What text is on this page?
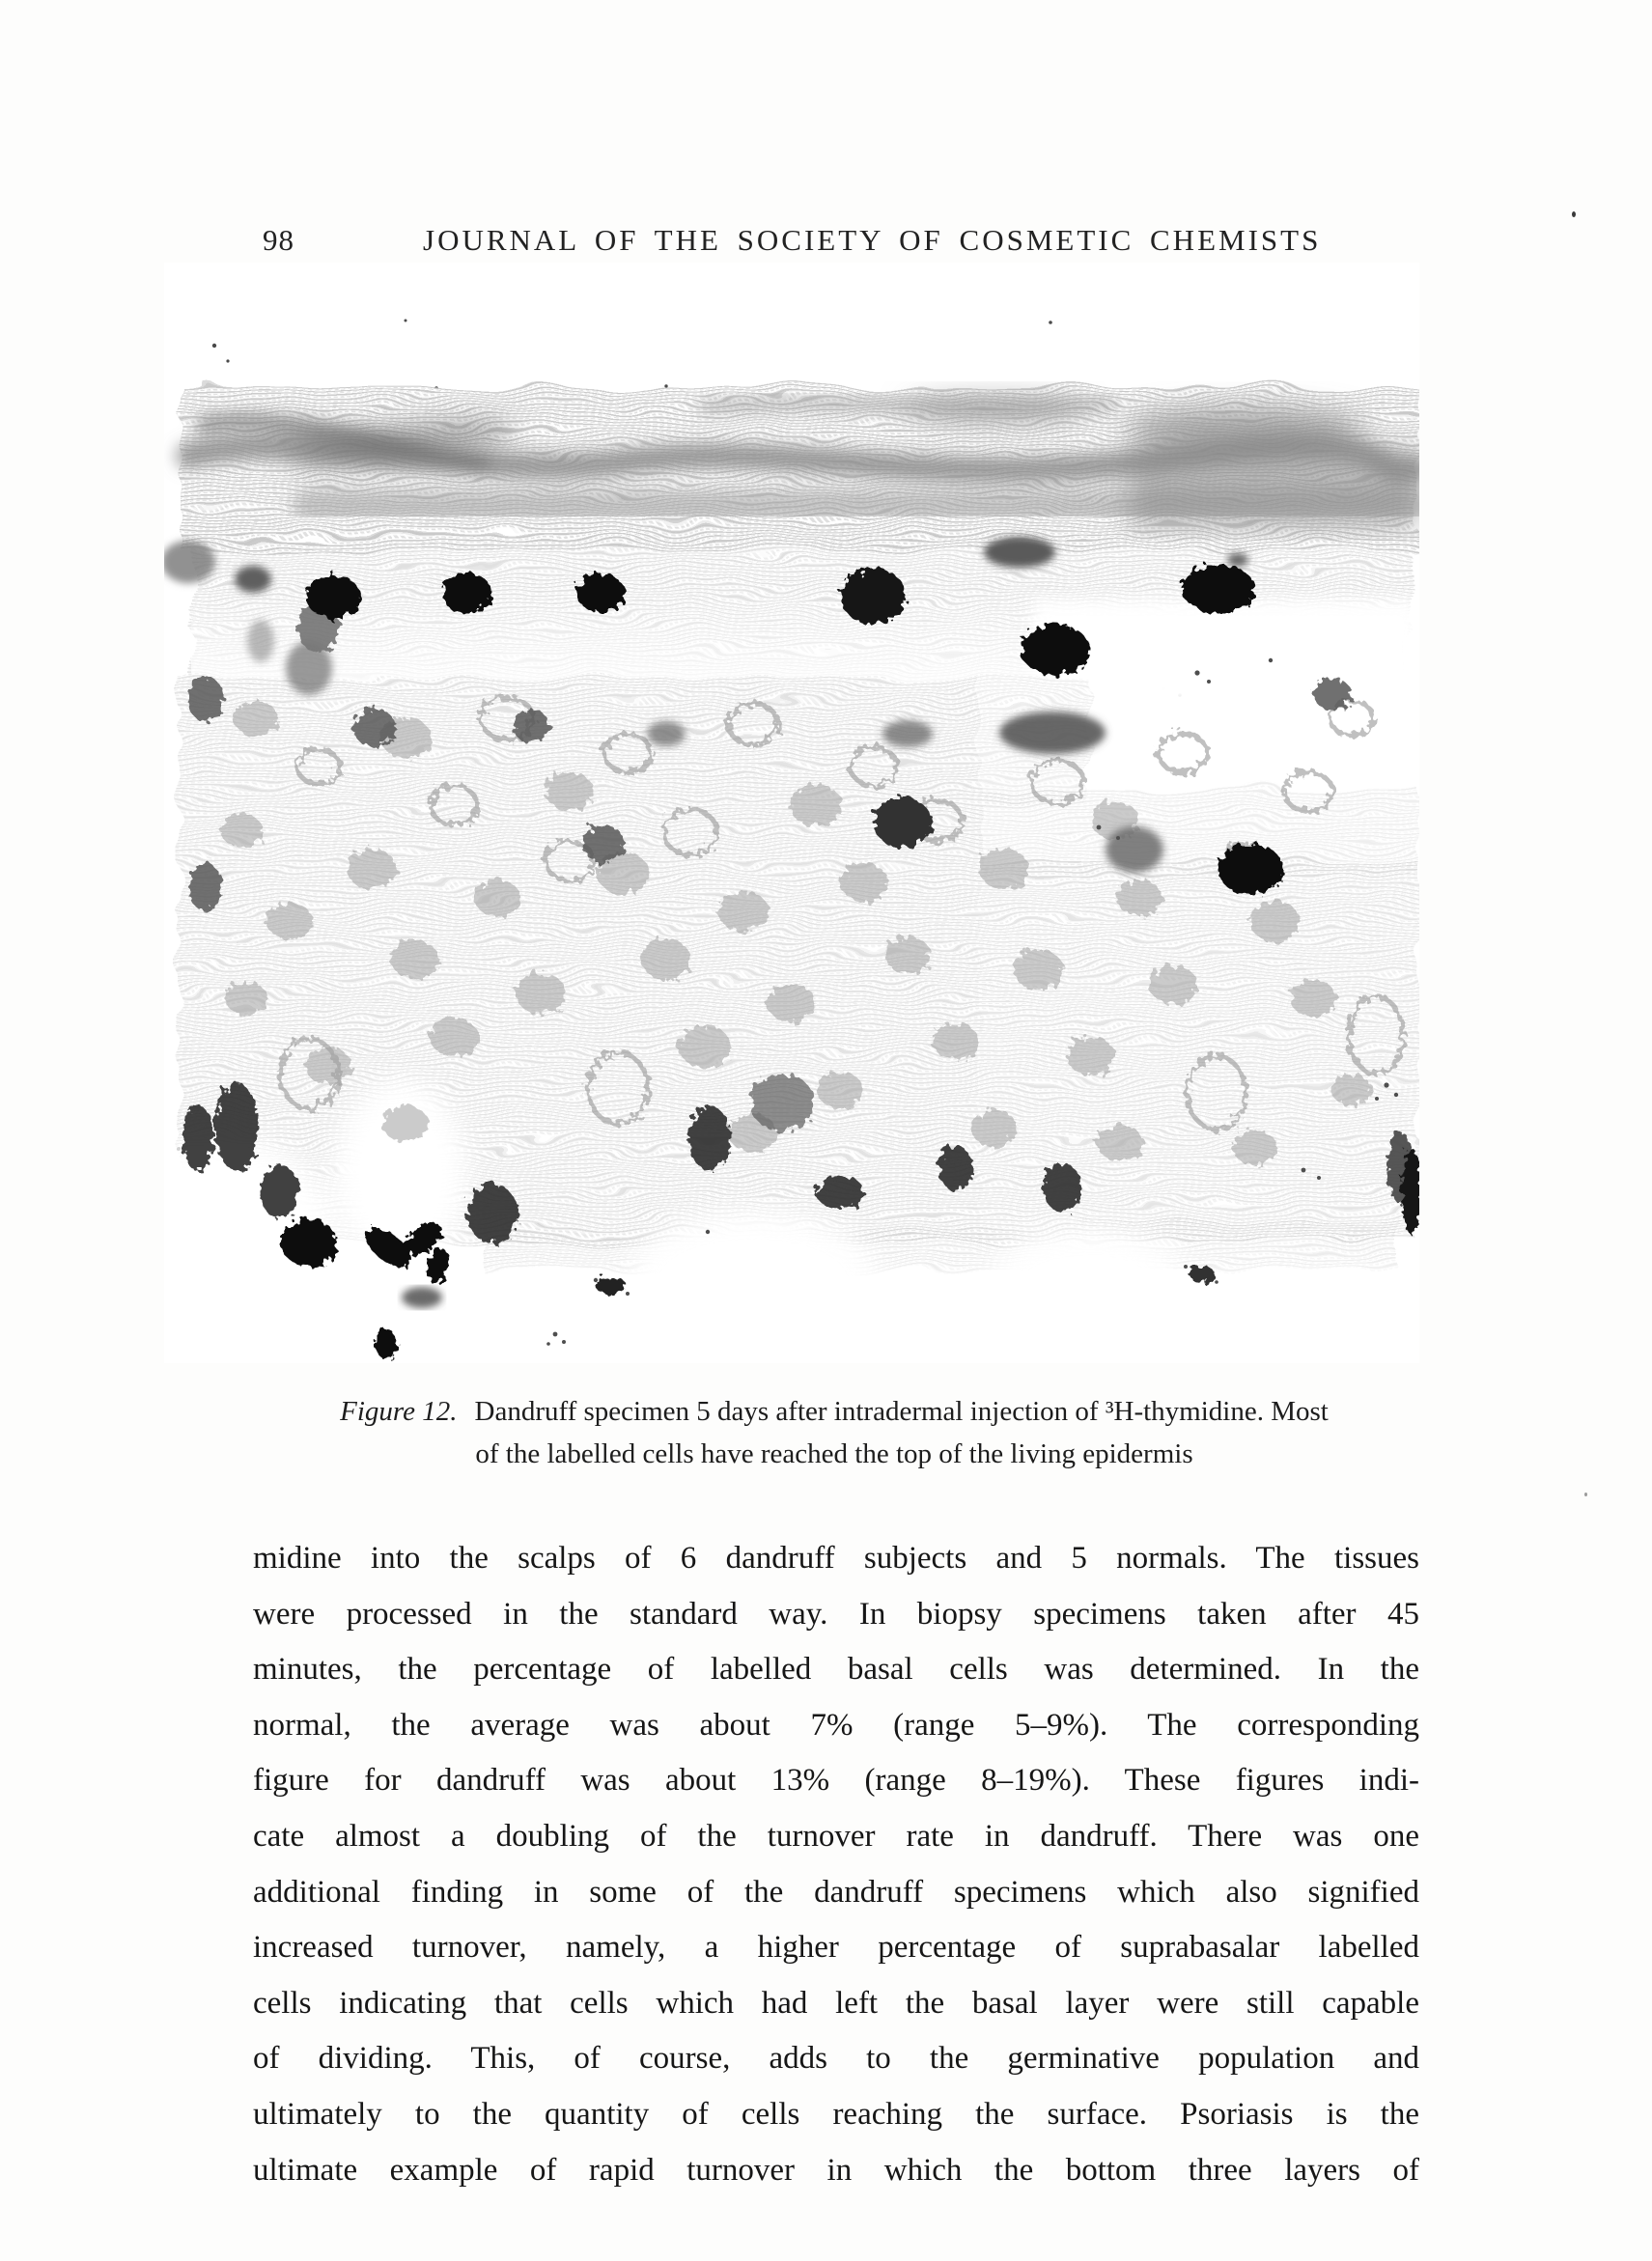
98	JOURNAL OF THE SOCIETY OF COSMETIC CHEMISTS
Figure 12. Dandruff specimen 5 days after intradermal injection of ³H-thymidine. Most
of the labelled cells have reached the top of the living epidermis
midine into the scalps of 6 dandruff subjects and 5 normals. The tissues
were processed in the standard way. In biopsy specimens taken after 45
minutes, the percentage of labelled basal cells was determined. In the
normal, the average was about 7% (range 5–9%). The corresponding
figure for dandruff was about 13% (range 8–19%). These figures indi-
cate almost a doubling of the turnover rate in dandruff. There was one
additional finding in some of the dandruff specimens which also signified
increased turnover, namely, a higher percentage of suprabasalar labelled
cells indicating that cells which had left the basal layer were still capable
of dividing. This, of course, adds to the germinative population and
ultimately to the quantity of cells reaching the surface. Psoriasis is the
ultimate example of rapid turnover in which the bottom three layers of
